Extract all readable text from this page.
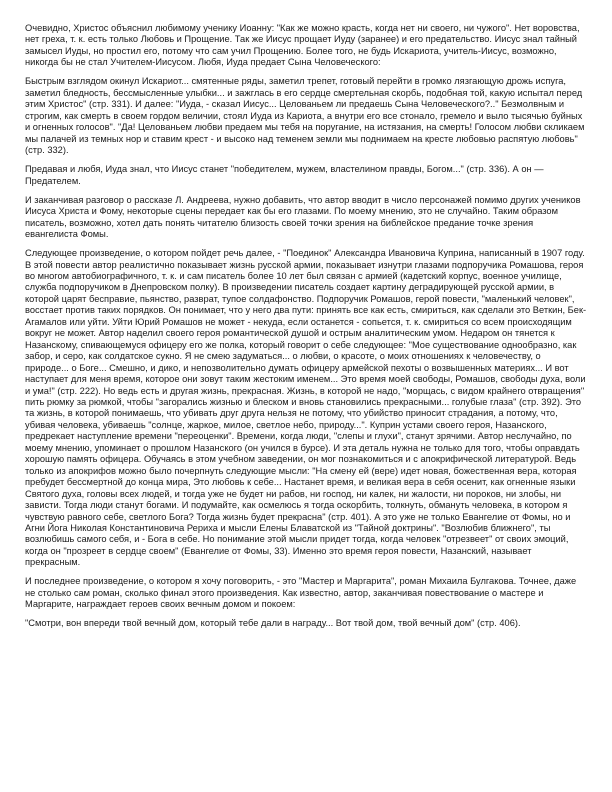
Очевидно, Христос объяснил любимому ученику Иоанну: "Как же можно красть, когда нет ни своего, ни чужого". Нет воровства, нет греха, т. к. есть только Любовь и Прощение. Так же Иисус прощает Иуду (заранее) и его предательство. Иисус знал тайный замысел Иуды, но простил его, потому что сам учил Прощению. Более того, не будь Искариота, учитель-Иисус, возможно, никогда бы не стал Учителем-Иисусом. Любя, Иуда предает Сына Человеческого:

Быстрым взглядом окинул Искариот... смятенные ряды, заметил трепет, готовый перейти в громко лязгающую дрожь испуга, заметил бледность, бессмысленные улыбки... и зажглась в его сердце смертельная скорбь, подобная той, какую испытал перед этим Христос" (стр. 331). И далее: "Иуда, - сказал Иисус... Целованьем ли предаешь Сына Человеческого?.." Безмолвным и строгим, как смерть в своем гордом величии, стоял Иуда из Кариота, а внутри его все стонало, гремело и выло тысячью буйных и огненных голосов". "Да! Целованьем любви предаем мы тебя на поругание, на истязания, на смерть! Голосом любви скликаем мы палачей из темных нор и ставим крест - и высоко над теменем земли мы поднимаем на кресте любовью распятую любовь" (стр. 332).

Предавая и любя, Иуда знал, что Иисус станет "победителем, мужем, властелином правды, Богом..." (стр. 336). А он — Предателем.

И заканчивая разговор о рассказе Л. Андреева, нужно добавить, что автор вводит в число персонажей помимо других учеников Иисуса Христа и Фому, некоторые сцены передает как бы его глазами. По моему мнению, это не случайно. Таким образом писатель, возможно, хотел дать понять читателю близость своей точки зрения на библейское предание точке зрения евангелиста Фомы.

Следующее произведение, о котором пойдет речь далее, - "Поединок" Александра Ивановича Куприна, написанный в 1907 году. В этой повести автор реалистично показывает жизнь русской армии, показывает изнутри глазами подпоручика Ромашова, героя во многом автобиографичного, т. к. и сам писатель более 10 лет был связан с армией (кадетский корпус, военное училище, служба подпоручиком в Днепровском полку). В произведении писатель создает картину деградирующей русской армии, в которой царят бесправие, пьянство, разврат, тупое солдафонство. Подпоручик Ромашов, герой повести, "маленький человек", восстает против таких порядков. Он понимает, что у него два пути: принять все как есть, смириться, как сделали это Веткин, Бек-Агамалов или уйти. Уйти Юрий Ромашов не может - некуда, если останется - сопьется, т. к. смириться со всем происходящим вокруг не может. Автор наделил своего героя романтической душой и острым аналитическим умом. Недаром он тянется к Назанскому, спивающемуся офицеру его же полка, который говорит о себе следующее: "Мое существование однообразно, как забор, и серо, как солдатское сукно. Я не смею задуматься... о любви, о красоте, о моих отношениях к человечеству, о природе... о Боге... Смешно, и дико, и непозволительно думать офицеру армейской пехоты о возвышенных материях... И вот наступает для меня время, которое они зовут таким жестоким именем... Это время моей свободы, Ромашов, свободы духа, воли и ума!" (стр. 222). Но ведь есть и другая жизнь, прекрасная. Жизнь, в которой не надо, "морщась, с видом крайнего отвращения" пить рюмку за рюмкой, чтобы "загорались жизнью и блеском и вновь становились прекрасными... голубые глаза" (стр. 392). Это та жизнь, в которой понимаешь, что убивать друг друга нельзя не потому, что убийство приносит страдания, а потому, что, убивая человека, убиваешь "солнце, жаркое, милое, светлое небо, природу...". Куприн устами своего героя, Назанского, предрекает наступление времени "переоценки". Времени, когда люди, "слепы и глухи", станут зрячими. Автор неслучайно, по моему мнению, упоминает о прошлом Назанского (он учился в бурсе). И эта деталь нужна не только для того, чтобы оправдать хорошую память офицера. Обучаясь в этом учебном заведении, он мог познакомиться и с апокрифической литературой. Ведь только из апокрифов можно было почерпнуть следующие мысли: "На смену ей (вере) идет новая, божественная вера, которая пребудет бессмертной до конца мира, Это любовь к себе... Настанет время, и великая вера в себя осенит, как огненные языки Святого духа, головы всех людей, и тогда уже не будет ни рабов, ни господ, ни калек, ни жалости, ни пороков, ни злобы, ни зависти. Тогда люди станут богами. И подумайте, как осмелюсь я тогда оскорбить, толкнуть, обмануть человека, в котором я чувствую равного себе, светлого Бога? Тогда жизнь будет прекрасна" (стр. 401). А это уже не только Евангелие от Фомы, но и Агни Йога Николая Константиновича Рериха и мысли Елены Блаватской из "Тайной доктрины". "Возлюбив ближнего", ты возлюбишь самого себя, и - Бога в себе. Но понимание этой мысли придет тогда, когда человек "отрезвеет" от своих эмоций, когда он "прозреет в сердце своем" (Евангелие от Фомы, 33). Именно это время героя повести, Назанский, называет прекрасным.

И последнее произведение, о котором я хочу поговорить, - это "Мастер и Маргарита", роман Михаила Булгакова. Точнее, даже не столько сам роман, сколько финал этого произведения. Как известно, автор, заканчивая повествование о мастере и Маргарите, награждает героев своих вечным домом и покоем:

"Смотри, вон впереди твой вечный дом, который тебе дали в награду... Вот твой дом, твой вечный дом" (стр. 406).
